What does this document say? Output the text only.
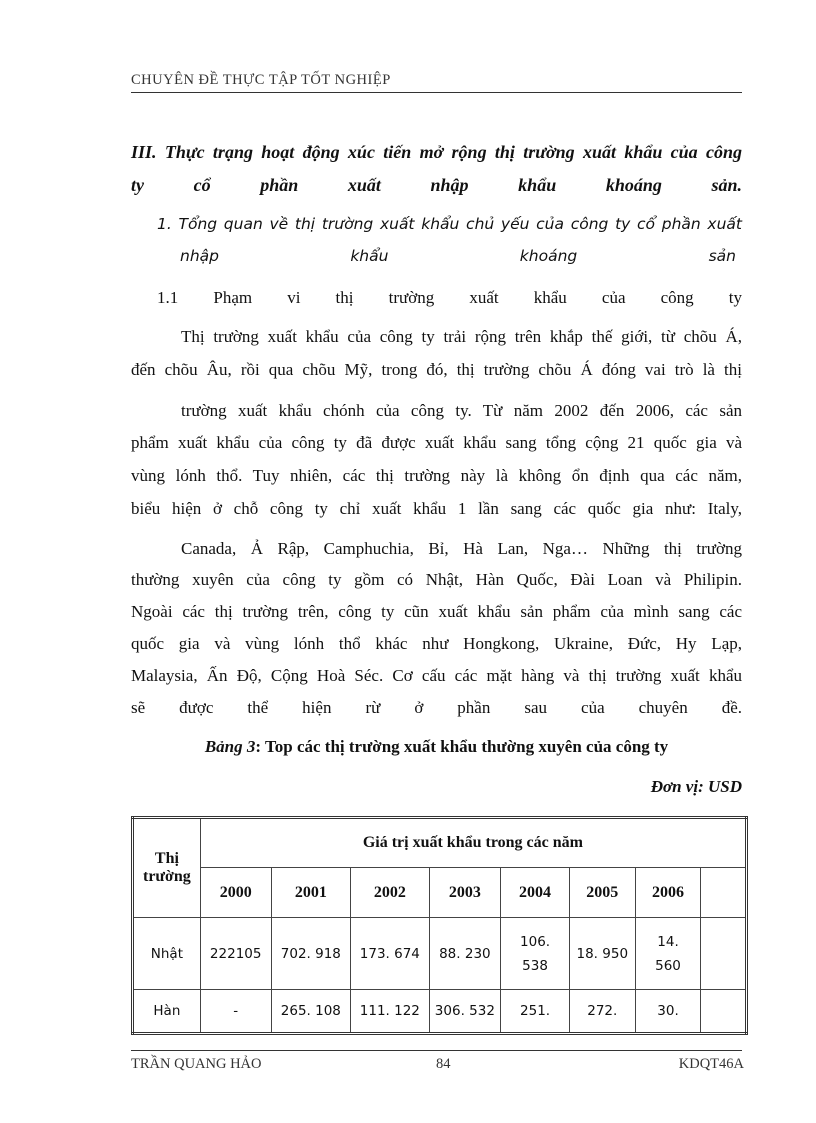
CHUYÊN ĐỀ THỰC TẬP TỐT NGHIỆP
III. Thực trạng hoạt động xúc tiến mở rộng thị trường xuất khẩu của công
ty cổ phần xuất nhập khẩu khoáng sản.
1. Tổng quan về thị trường xuất khẩu chủ yếu của công ty cổ phần xuất
nhập khẩu khoáng sản
1.1 Phạm vi thị trường xuất khẩu của công ty
Thị trường xuất khẩu của công ty trải rộng trên khắp thế giới, từ chõu Á,
đến chõu Âu, rồi qua chõu Mỹ, trong đó, thị trường chõu Á đóng vai trò là thị
trường xuất khẩu chónh của công ty. Từ năm 2002 đến 2006, các sản
phẩm xuất khẩu của công ty đã được xuất khẩu sang tổng cộng 21 quốc gia và
vùng lónh thổ. Tuy nhiên, các thị trường này là không ổn định qua các năm,
biểu hiện ở chỗ công ty chỉ xuất khẩu 1 lần sang các quốc gia như: Italy,
Canada, Ả Rập, Camphuchia, Bỉ, Hà Lan, Nga… Những thị trường
thường xuyên của công ty gồm có Nhật, Hàn Quốc, Đài Loan và Philipin.
Ngoài các thị trường trên, công ty cũn xuất khẩu sản phẩm của mình sang các
quốc gia và vùng lónh thổ khác như Hongkong, Ukraine, Đức, Hy Lạp,
Malaysia, Ấn Độ, Cộng Hoà Séc. Cơ cấu các mặt hàng và thị trường xuất khẩu
sẽ được thể hiện rừ ở phần sau của chuyên đề.
Bảng 3: Top các thị trường xuất khẩu thường xuyên của công ty
Đơn vị: USD
Thị
trường	Giá trị xuất khẩu trong các năm							
	2000	2001	2002	2003	2004	2005	2006	
Nhật	222105	702. 918	173. 674	88. 230	106. 538	18. 950	14. 560	
Hàn	-	265. 108	111. 122	306. 532	251.	272.	30.	
TRẦN QUANG HẢO	84	KDQT46A
